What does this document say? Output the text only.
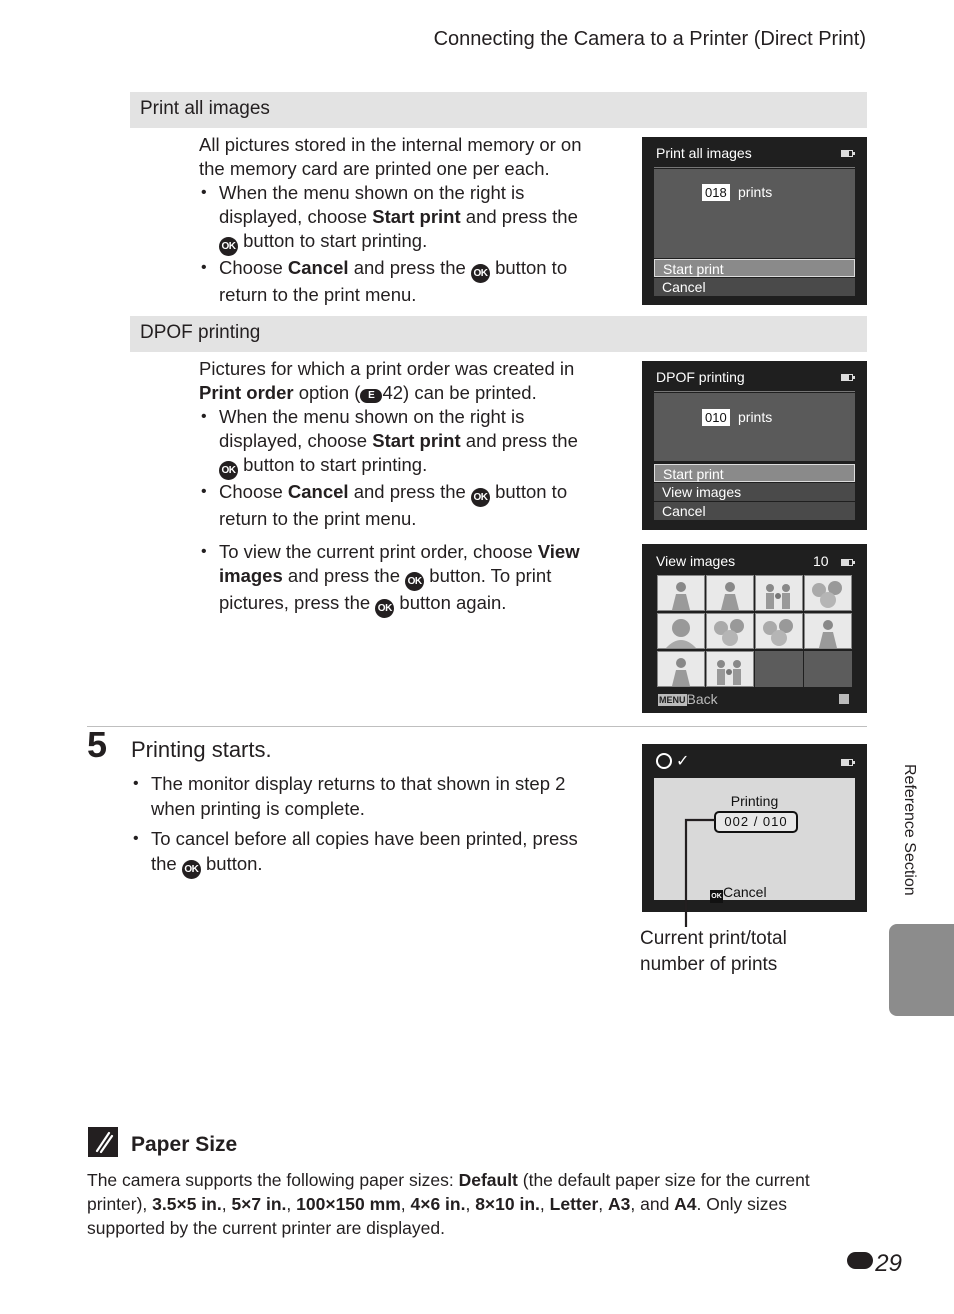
Connecting the Camera to a Printer (Direct Print)
Print all images
All pictures stored in the internal memory or on the memory card are printed one per each.
• When the menu shown on the right is displayed, choose Start print and press the
OK button to start printing.
• Choose Cancel and press the OK button to return to the print menu.
Print all images
018 prints
Start print
Cancel
DPOF printing
Pictures for which a print order was created in Print order option ( E 42) can be printed.
• When the menu shown on the right is displayed, choose Start print and press the
OK button to start printing.
• Choose Cancel and press the OK button to return to the print menu.
• To view the current print order, choose View images and press the OK button. To print pictures, press the OK button again.
DPOF printing
010 prints
Start print
View images
Cancel
View images	10
MENUBack
5 Printing starts.
• The monitor display returns to that shown in step 2 when printing is complete.
• To cancel before all copies have been printed, press the OK button.
✓
Printing
002 / 010
OKCancel
Current print/total number of prints
Reference Section
Paper Size
The camera supports the following paper sizes: Default (the default paper size for the current printer), 3.5×5 in., 5×7 in., 100×150 mm, 4×6 in., 8×10 in., Letter, A3, and A4. Only sizes supported by the current printer are displayed.
29
